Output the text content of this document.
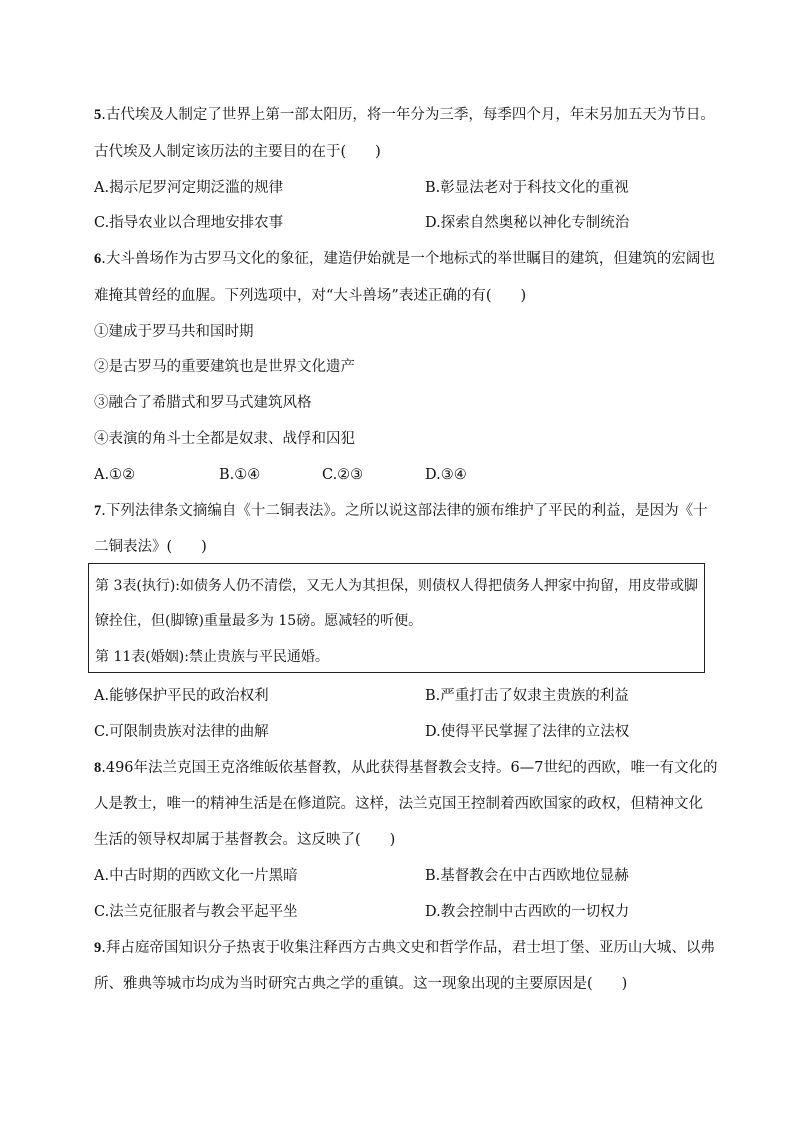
5.古代埃及人制定了世界上第一部太阳历，将一年分为三季，每季四个月，年末另加五天为节日。
古代埃及人制定该历法的主要目的在于(　　)
A.揭示尼罗河定期泛滥的规律	B.彰显法老对于科技文化的重视
C.指导农业以合理地安排农事	D.探索自然奥秘以神化专制统治
6.大斗兽场作为古罗马文化的象征，建造伊始就是一个地标式的举世瞩目的建筑，但建筑的宏阔也
难掩其曾经的血腥。下列选项中，对“大斗兽场”表述正确的有(　　)
①建成于罗马共和国时期
②是古罗马的重要建筑也是世界文化遗产
③融合了希腊式和罗马式建筑风格
④表演的角斗士全都是奴隶、战俘和囚犯
A.①②	B.①④	C.②③	D.③④
7.下列法律条文摘编自《十二铜表法》。之所以说这部法律的颁布维护了平民的利益，是因为《十
二铜表法》(　　)
第 3表(执行):如债务人仍不清偿，又无人为其担保，则债权人得把债务人押家中拘留，用皮带或脚
镣拴住，但(脚镣)重量最多为 15磅。愿减轻的听便。
第 11表(婚姻):禁止贵族与平民通婚。
A.能够保护平民的政治权利	B.严重打击了奴隶主贵族的利益
C.可限制贵族对法律的曲解	D.使得平民掌握了法律的立法权
8.496年法兰克国王克洛维皈依基督教，从此获得基督教会支持。6—7世纪的西欧，唯一有文化的
人是教士，唯一的精神生活是在修道院。这样，法兰克国王控制着西欧国家的政权，但精神文化
生活的领导权却属于基督教会。这反映了(　　)
A.中古时期的西欧文化一片黑暗	B.基督教会在中古西欧地位显赫
C.法兰克征服者与教会平起平坐	D.教会控制中古西欧的一切权力
9.拜占庭帝国知识分子热衷于收集注释西方古典文史和哲学作品，君士坦丁堡、亚历山大城、以弗
所、雅典等城市均成为当时研究古典之学的重镇。这一现象出现的主要原因是(　　)
